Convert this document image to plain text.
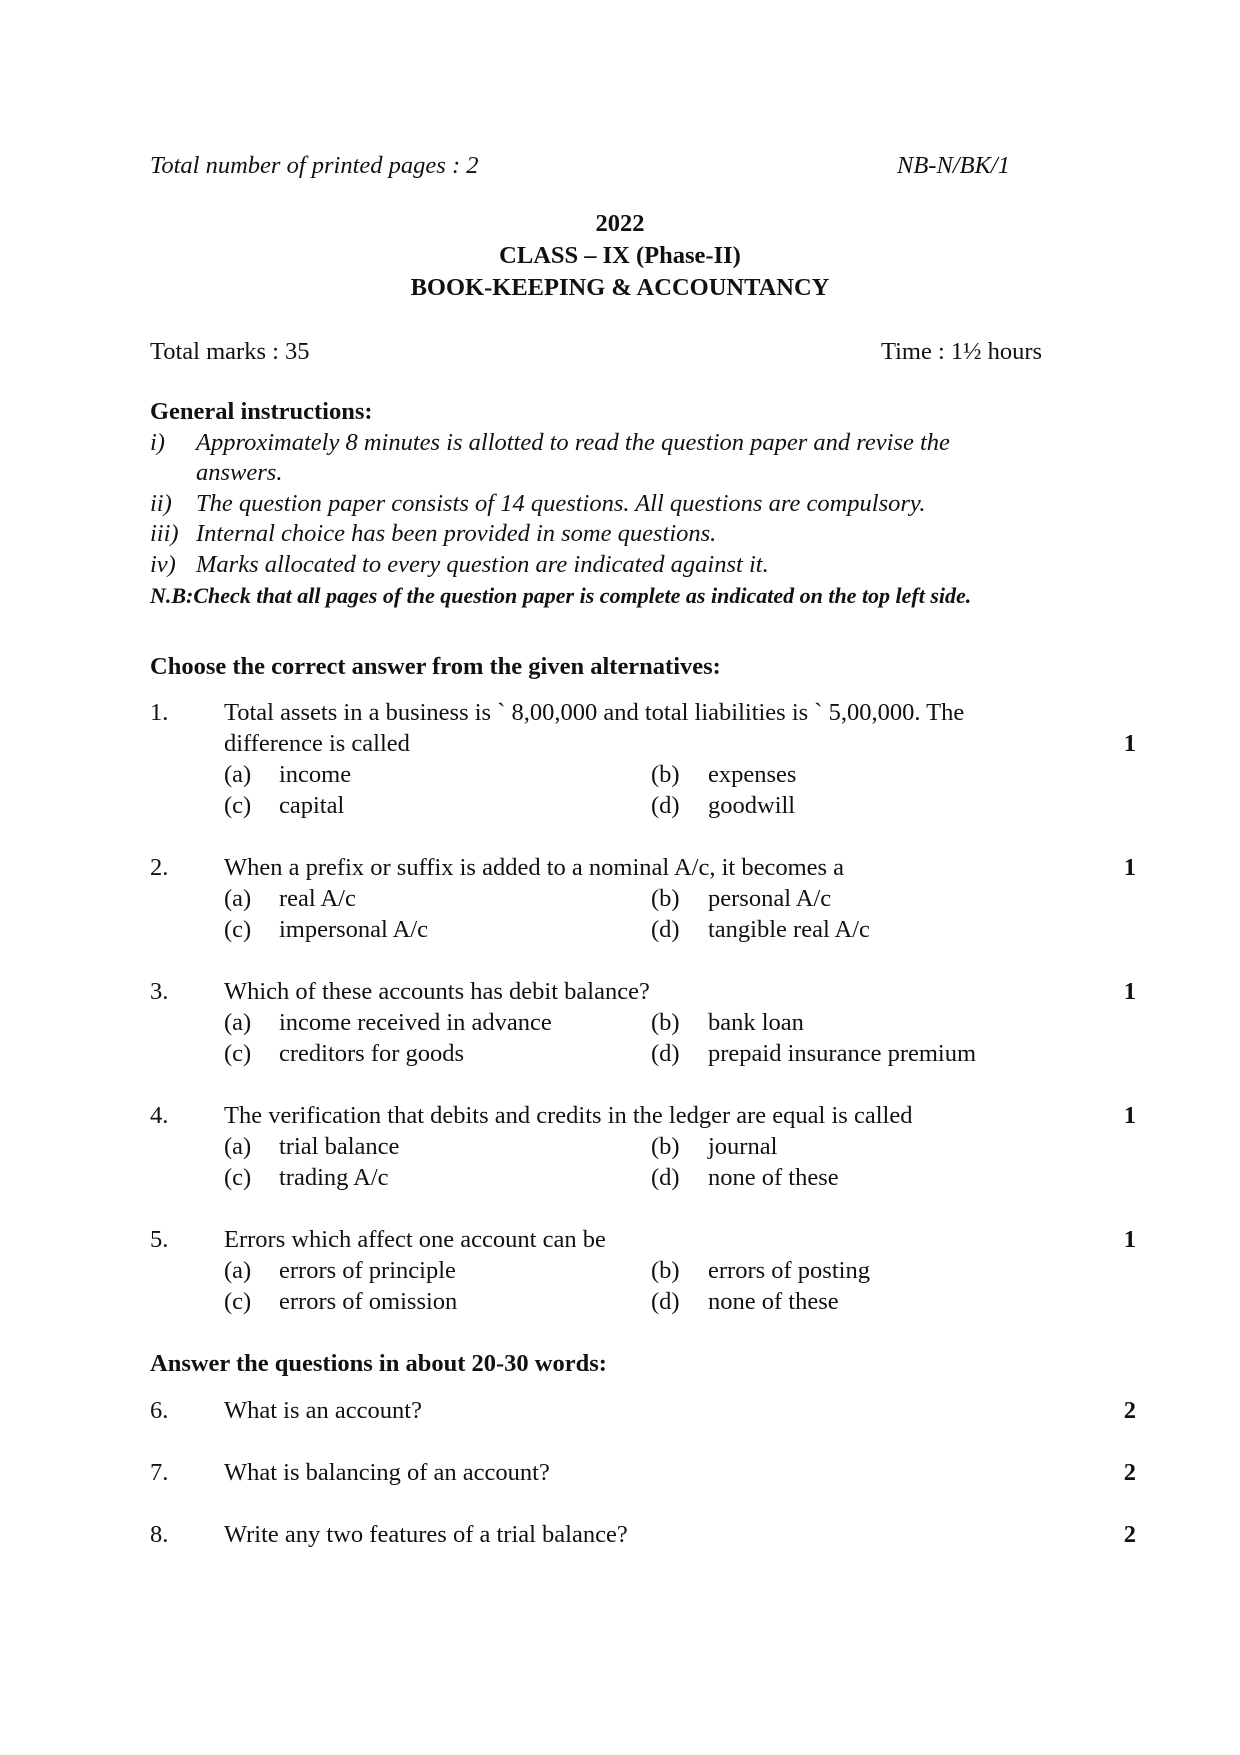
Total number of printed pages : 2	NB-N/BK/1
2022
CLASS – IX (Phase-II)
BOOK-KEEPING & ACCOUNTANCY
Total marks : 35	Time : 1½ hours
General instructions:
i) Approximately 8 minutes is allotted to read the question paper and revise the
answers.
ii) The question paper consists of 14 questions. All questions are compulsory.
iii) Internal choice has been provided in some questions.
iv) Marks allocated to every question are indicated against it.
N.B:Check that all pages of the question paper is complete as indicated on the top left side.
Choose the correct answer from the given alternatives:
1. Total assets in a business is ` 8,00,000 and total liabilities is ` 5,00,000. The
difference is called	1
(a) income	(b) expenses
(c) capital	(d) goodwill
2. When a prefix or suffix is added to a nominal A/c, it becomes a	1
(a) real A/c	(b) personal A/c
(c) impersonal A/c	(d) tangible real A/c
3. Which of these accounts has debit balance?	1
(a) income received in advance	(b) bank loan
(c) creditors for goods	(d) prepaid insurance premium
4. The verification that debits and credits in the ledger are equal is called	1
(a) trial balance	(b) journal
(c) trading A/c	(d) none of these
5. Errors which affect one account can be	1
(a) errors of principle	(b) errors of posting
(c) errors of omission	(d) none of these
Answer the questions in about 20-30 words:
6. What is an account?	2
7. What is balancing of an account?	2
8. Write any two features of a trial balance?	2
